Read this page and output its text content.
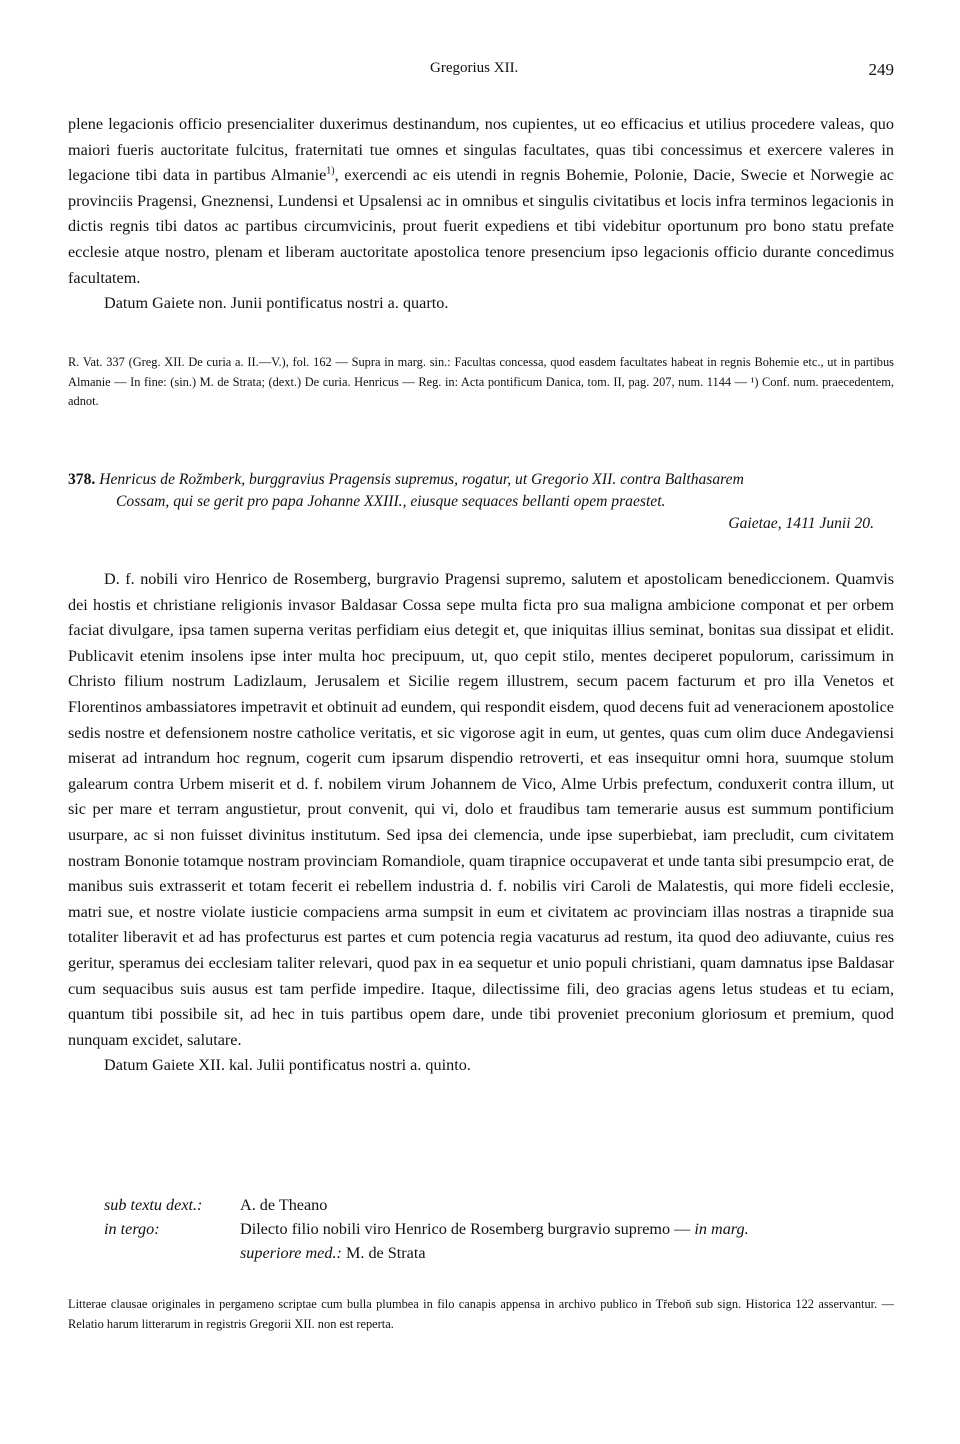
Gregorius XII.	249

plene legacionis officio presencialiter duxerimus destinandum, nos cupientes, ut eo efficacius et utilius procedere valeas, quo maiori fueris auctoritate fulcitus, fraternitati tue omnes et singulas facultates, quas tibi concessimus et exercere valeres in legacione tibi data in partibus Almanie$^{1)}$, exercendi ac eis utendi in regnis Bohemie, Polonie, Dacie, Swecie et Norwegie ac provinciis Pragensi, Gneznensi, Lundensi et Upsalensi ac in omnibus et singulis civitatibus et locis infra terminos legacionis in dictis regnis tibi datos ac partibus circumvicinis, prout fuerit expediens et tibi videbitur oportunum pro bono statu prefate ecclesie atque nostro, plenam et liberam auctoritate apostolica tenore presencium ipso legacionis officio durante concedimus facultatem.

Datum Gaiete non. Junii pontificatus nostri a. quarto.

R. Vat. 337 (Greg. XII. De curia a. II.—V.), fol. 162 — Supra in marg. sin.: Facultas concessa, quod easdem facultates habeat in regnis Bohemie etc., ut in partibus Almanie — In fine: (sin.) M. de Strata; (dext.) De curia. Henricus — Reg. in: Acta pontificum Danica, tom. II, pag. 207, num. 1144 — ¹) Conf. num. praecedentem, adnot.

378. Henricus de Rožmberk, burggravius Pragensis supremus, rogatur, ut Gregorio XII. contra Balthasarem
Cossam, qui se gerit pro papa Johanne XXIII., eiusque sequaces bellanti opem praestet.
Gaietae, 1411 Junii 20.

D. f. nobili viro Henrico de Rosemberg, burgravio Pragensi supremo, salutem et apostolicam benediccionem. Quamvis dei hostis et christiane religionis invasor Baldasar Cossa sepe multa ficta pro sua maligna ambicione componat et per orbem faciat divulgare, ipsa tamen superna veritas perfidiam eius detegit et, que iniquitas illius seminat, bonitas sua dissipat et elidit. Publicavit etenim insolens ipse inter multa hoc precipuum, ut, quo cepit stilo, mentes deciperet populorum, carissimum in Christo filium nostrum Ladizlaum, Jerusalem et Sicilie regem illustrem, secum pacem facturum et pro illa Venetos et Florentinos ambassiatores impetravit et obtinuit ad eundem, qui respondit eisdem, quod decens fuit ad veneracionem apostolice sedis nostre et defensionem nostre catholice veritatis, et sic vigorose agit in eum, ut gentes, quas cum olim duce Andegaviensi miserat ad intrandum hoc regnum, cogerit cum ipsarum dispendio retroverti, et eas insequitur omni hora, suumque stolum galearum contra Urbem miserit et d. f. nobilem virum Johannem de Vico, Alme Urbis prefectum, conduxerit contra illum, ut sic per mare et terram angustietur, prout convenit, qui vi, dolo et fraudibus tam temerarie ausus est summum pontificium usurpare, ac si non fuisset divinitus institutum. Sed ipsa dei clemencia, unde ipse superbiebat, iam precludit, cum civitatem nostram Bononie totamque nostram provinciam Romandiole, quam tirapnice occupaverat et unde tanta sibi presumpcio erat, de manibus suis extrasserit et totam fecerit ei rebellem industria d. f. nobilis viri Caroli de Malatestis, qui more fideli ecclesie, matri sue, et nostre violate iusticie compaciens arma sumpsit in eum et civitatem ac provinciam illas nostras a tirapnide sua totaliter liberavit et ad has profecturus est partes et cum potencia regia vacaturus ad restum, ita quod deo adiuvante, cuius res geritur, speramus dei ecclesiam taliter relevari, quod pax in ea sequetur et unio populi christiani, quam damnatus ipse Baldasar cum sequacibus suis ausus est tam perfide impedire. Itaque, dilectissime fili, deo gracias agens letus studeas et tu eciam, quantum tibi possibile sit, ad hec in tuis partibus opem dare, unde tibi proveniet preconium gloriosum et premium, quod nunquam excidet, salutare.

Datum Gaiete XII. kal. Julii pontificatus nostri a. quinto.

sub textu dext.:	A. de Theano
in tergo:	Dilecto filio nobili viro Henrico de Rosemberg burgravio supremo — in marg.
superiore med.: M. de Strata

Litterae clausae originales in pergameno scriptae cum bulla plumbea in filo canapis appensa in archivo publico in Třeboň sub sign. Historica 122 asservantur. — Relatio harum litterarum in registris Gregorii XII. non est reperta.
